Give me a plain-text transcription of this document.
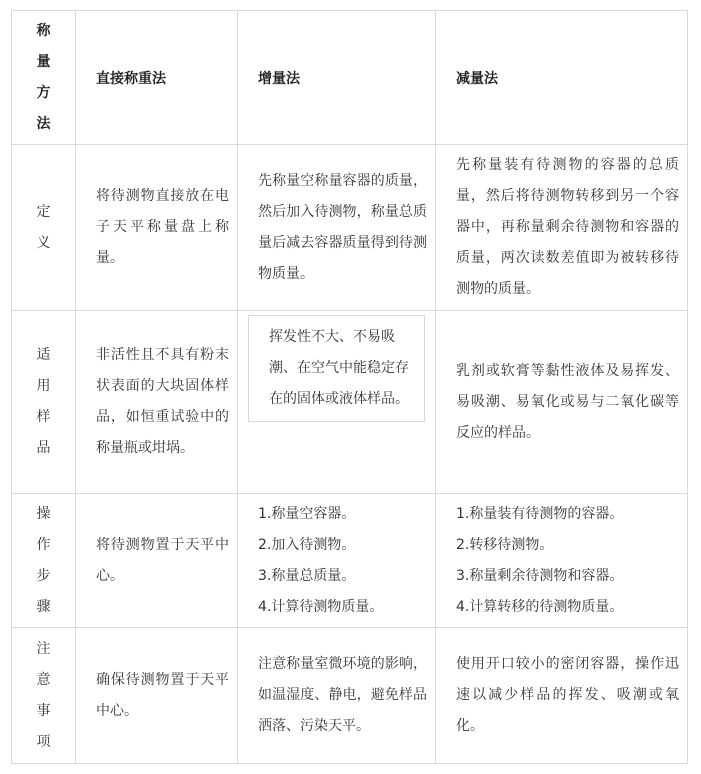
称
量
方
法	直接称重法	增量法	减量法

定
义	将待测物直接放在电子天平称量盘上称量。	先称量空称量容器的质量，然后加入待测物，称量总质量后减去容器质量得到待测物质量。	先称量装有待测物的容器的总质量，然后将待测物转移到另一个容器中，再称量剩余待测物和容器的质量，两次读数差值即为被转移待测物的质量。

适
用
样
品	非活性且不具有粉末状表面的大块固体样品，如恒重试验中的称量瓶或坩埚。	挥发性不大、不易吸潮、在空气中能稳定存在的固体或液体样品。	乳剂或软膏等黏性液体及易挥发、易吸潮、易氧化或易与二氧化碳等反应的样品。

操
作
步
骤	将待测物置于天平中心。	1.称量空容器。
2.加入待测物。
3.称量总质量。
4.计算待测物质量。	1.称量装有待测物的容器。
2.转移待测物。
3.称量剩余待测物和容器。
4.计算转移的待测物质量。

注
意
事
项	确保待测物置于天平中心。	注意称量室微环境的影响，如温湿度、静电，避免样品洒落、污染天平。	使用开口较小的密闭容器，操作迅速以减少样品的挥发、吸潮或氧化。
